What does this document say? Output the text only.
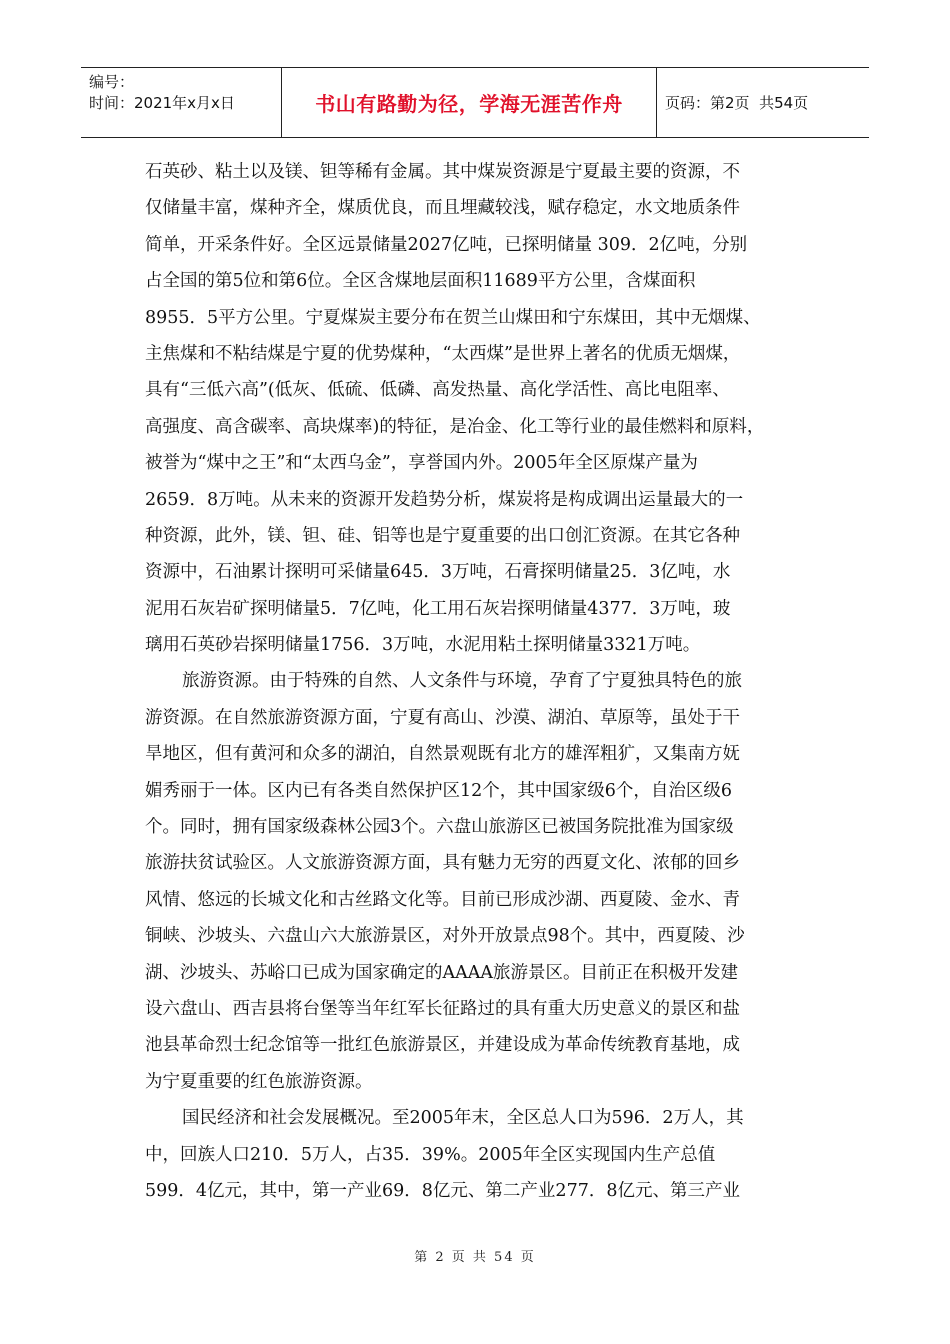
编号：
时间：2021年x月x日	书山有路勤为径，学海无涯苦作舟	页码：第2页  共54页

石英砂、粘土以及镁、钽等稀有金属。其中煤炭资源是宁夏最主要的资源，不
仅储量丰富，煤种齐全，煤质优良，而且埋藏较浅，赋存稳定，水文地质条件
简单，开采条件好。全区远景储量2027亿吨，已探明储量 309．2亿吨，分别
占全国的第5位和第6位。全区含煤地层面积11689平方公里，含煤面积
8955．5平方公里。宁夏煤炭主要分布在贺兰山煤田和宁东煤田，其中无烟煤、
主焦煤和不粘结煤是宁夏的优势煤种，“太西煤”是世界上著名的优质无烟煤，
具有“三低六高”(低灰、低硫、低磷、高发热量、高化学活性、高比电阻率、
高强度、高含碳率、高块煤率)的特征，是冶金、化工等行业的最佳燃料和原料，
被誉为“煤中之王”和“太西乌金”，享誉国内外。2005年全区原煤产量为
2659．8万吨。从未来的资源开发趋势分析，煤炭将是构成调出运量最大的一
种资源，此外，镁、钽、硅、铝等也是宁夏重要的出口创汇资源。在其它各种
资源中，石油累计探明可采储量645．3万吨，石膏探明储量25．3亿吨，水
泥用石灰岩矿探明储量5．7亿吨，化工用石灰岩探明储量4377．3万吨，玻
璃用石英砂岩探明储量1756．3万吨，水泥用粘土探明储量3321万吨。

旅游资源。由于特殊的自然、人文条件与环境，孕育了宁夏独具特色的旅
游资源。在自然旅游资源方面，宁夏有高山、沙漠、湖泊、草原等，虽处于干
旱地区，但有黄河和众多的湖泊，自然景观既有北方的雄浑粗犷，又集南方妩
媚秀丽于一体。区内已有各类自然保护区12个，其中国家级6个，自治区级6
个。同时，拥有国家级森林公园3个。六盘山旅游区已被国务院批准为国家级
旅游扶贫试验区。人文旅游资源方面，具有魅力无穷的西夏文化、浓郁的回乡
风情、悠远的长城文化和古丝路文化等。目前已形成沙湖、西夏陵、金水、青
铜峡、沙坡头、六盘山六大旅游景区，对外开放景点98个。其中，西夏陵、沙
湖、沙坡头、苏峪口已成为国家确定的AAAA旅游景区。目前正在积极开发建
设六盘山、西吉县将台堡等当年红军长征路过的具有重大历史意义的景区和盐
池县革命烈士纪念馆等一批红色旅游景区，并建设成为革命传统教育基地，成
为宁夏重要的红色旅游资源。

国民经济和社会发展概况。至2005年末，全区总人口为596．2万人，其
中，回族人口210．5万人，占35．39%。2005年全区实现国内生产总值
599．4亿元，其中，第一产业69．8亿元、第二产业277．8亿元、第三产业

第 2 页 共 54 页
